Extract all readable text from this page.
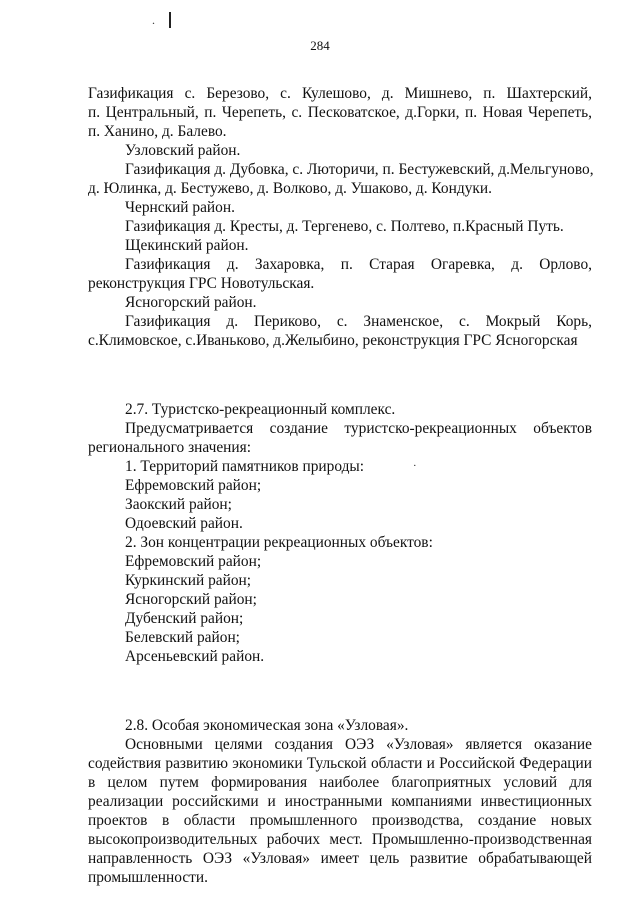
.
284

Газификация с. Березово, с. Кулешово, д. Мишнево, п. Шахтерский,

п. Центральный, п. Черепеть, с. Песковатское, д.Горки, п. Новая Черепеть,

п. Ханино, д. Балево.

Узловский район.

Газификация д. Дубовка, с. Люторичи, п. Бестужевский, д.Мельгуново,

д. Юлинка, д. Бестужево, д. Волково, д. Ушаково, д. Кондуки.

Чернский район.

Газификация д. Кресты, д. Тергенево, с. Полтево, п.Красный Путь.

Щекинский район.

Газификация д. Захаровка, п. Старая Огаревка, д. Орлово, реконструкция ГРС Новотульская.

Ясногорский район.

Газификация д. Периково, с. Знаменское, с. Мокрый Корь, с.Климовское, с.Иваньково, д.Желыбино, реконструкция ГРС Ясногорская

2.7. Туристско-рекреационный комплекс.

Предусматривается создание туристско-рекреационных объектов регионального значения:

1. Территорий памятников природы:	·

Ефремовский район;

Заокский район;

Одоевский район.

2. Зон концентрации рекреационных объектов:

Ефремовский район;

Куркинский район;

Ясногорский район;

Дубенский район;

Белевский район;

Арсеньевский район.

2.8. Особая экономическая зона «Узловая».

Основными целями создания ОЭЗ «Узловая» является оказание содействия развитию экономики Тульской области и Российской Федерации в целом путем формирования наиболее благоприятных условий для реализации российскими и иностранными компаниями инвестиционных проектов в области промышленного производства, создание новых высокопроизводительных рабочих мест. Промышленно-производственная направленность ОЭЗ «Узловая» имеет цель развитие обрабатывающей промышленности.
